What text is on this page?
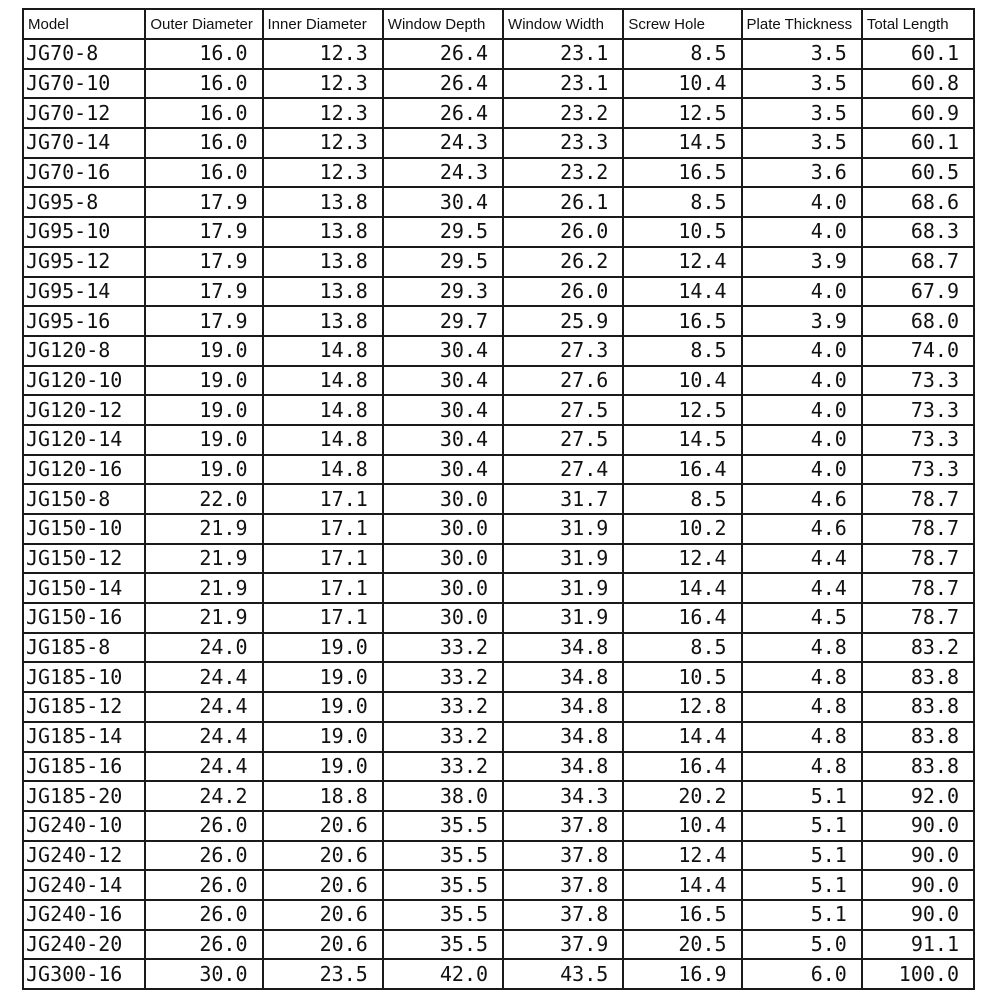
Model	Outer Diameter	Inner Diameter	Window Depth	Window Width	Screw Hole	Plate Thickness	Total Length
JG70-8	16.0	12.3	26.4	23.1	8.5	3.5	60.1
JG70-10	16.0	12.3	26.4	23.1	10.4	3.5	60.8
JG70-12	16.0	12.3	26.4	23.2	12.5	3.5	60.9
JG70-14	16.0	12.3	24.3	23.3	14.5	3.5	60.1
JG70-16	16.0	12.3	24.3	23.2	16.5	3.6	60.5
JG95-8	17.9	13.8	30.4	26.1	8.5	4.0	68.6
JG95-10	17.9	13.8	29.5	26.0	10.5	4.0	68.3
JG95-12	17.9	13.8	29.5	26.2	12.4	3.9	68.7
JG95-14	17.9	13.8	29.3	26.0	14.4	4.0	67.9
JG95-16	17.9	13.8	29.7	25.9	16.5	3.9	68.0
JG120-8	19.0	14.8	30.4	27.3	8.5	4.0	74.0
JG120-10	19.0	14.8	30.4	27.6	10.4	4.0	73.3
JG120-12	19.0	14.8	30.4	27.5	12.5	4.0	73.3
JG120-14	19.0	14.8	30.4	27.5	14.5	4.0	73.3
JG120-16	19.0	14.8	30.4	27.4	16.4	4.0	73.3
JG150-8	22.0	17.1	30.0	31.7	8.5	4.6	78.7
JG150-10	21.9	17.1	30.0	31.9	10.2	4.6	78.7
JG150-12	21.9	17.1	30.0	31.9	12.4	4.4	78.7
JG150-14	21.9	17.1	30.0	31.9	14.4	4.4	78.7
JG150-16	21.9	17.1	30.0	31.9	16.4	4.5	78.7
JG185-8	24.0	19.0	33.2	34.8	8.5	4.8	83.2
JG185-10	24.4	19.0	33.2	34.8	10.5	4.8	83.8
JG185-12	24.4	19.0	33.2	34.8	12.8	4.8	83.8
JG185-14	24.4	19.0	33.2	34.8	14.4	4.8	83.8
JG185-16	24.4	19.0	33.2	34.8	16.4	4.8	83.8
JG185-20	24.2	18.8	38.0	34.3	20.2	5.1	92.0
JG240-10	26.0	20.6	35.5	37.8	10.4	5.1	90.0
JG240-12	26.0	20.6	35.5	37.8	12.4	5.1	90.0
JG240-14	26.0	20.6	35.5	37.8	14.4	5.1	90.0
JG240-16	26.0	20.6	35.5	37.8	16.5	5.1	90.0
JG240-20	26.0	20.6	35.5	37.9	20.5	5.0	91.1
JG300-16	30.0	23.5	42.0	43.5	16.9	6.0	100.0
